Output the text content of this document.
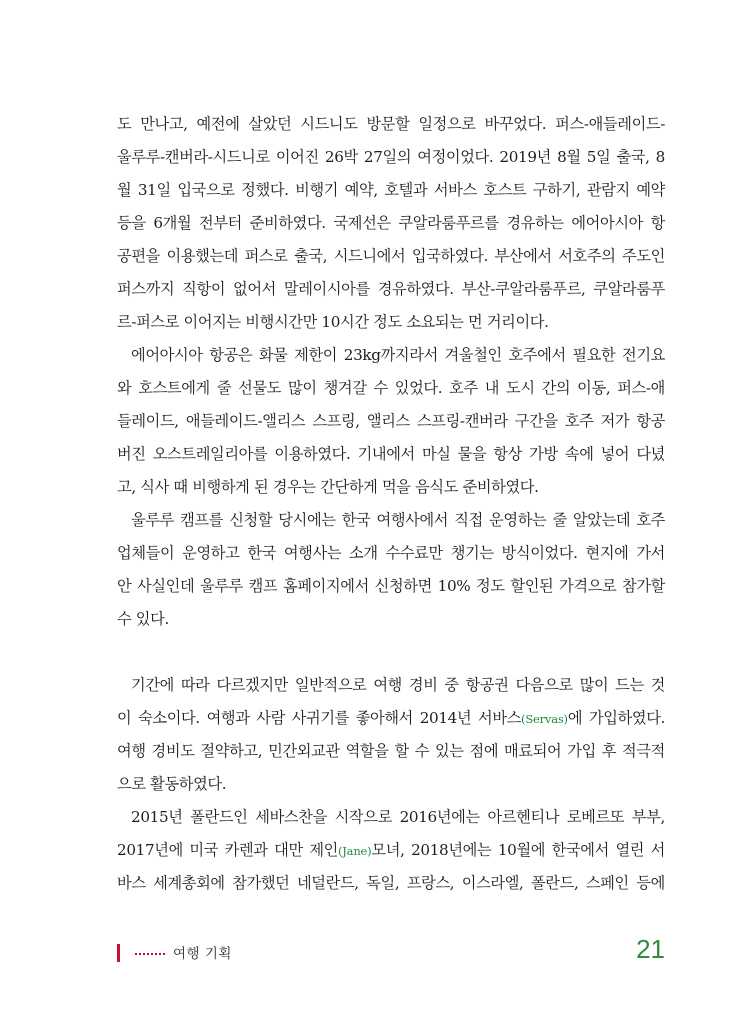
도 만나고, 예전에 살았던 시드니도 방문할 일정으로 바꾸었다. 퍼스-애들레이드-
울루루-캔버라-시드니로 이어진 26박 27일의 여정이었다. 2019년 8월 5일 출국, 8
월 31일 입국으로 정했다. 비행기 예약, 호텔과 서바스 호스트 구하기, 관람지 예약
등을 6개월 전부터 준비하였다. 국제선은 쿠알라룸푸르를 경유하는 에어아시아 항
공편을 이용했는데 퍼스로 출국, 시드니에서 입국하였다. 부산에서 서호주의 주도인
퍼스까지 직항이 없어서 말레이시아를 경유하였다. 부산-쿠알라룸푸르, 쿠알라룸푸
르-퍼스로 이어지는 비행시간만 10시간 정도 소요되는 먼 거리이다.
에어아시아 항공은 화물 제한이 23kg까지라서 겨울철인 호주에서 필요한 전기요
와 호스트에게 줄 선물도 많이 챙겨갈 수 있었다. 호주 내 도시 간의 이동, 퍼스-애
들레이드, 애들레이드-앨리스 스프링, 앨리스 스프링-캔버라 구간을 호주 저가 항공
버진 오스트레일리아를 이용하였다. 기내에서 마실 물을 항상 가방 속에 넣어 다녔
고, 식사 때 비행하게 된 경우는 간단하게 먹을 음식도 준비하였다.
울루루 캠프를 신청할 당시에는 한국 여행사에서 직접 운영하는 줄 알았는데 호주
업체들이 운영하고 한국 여행사는 소개 수수료만 챙기는 방식이었다. 현지에 가서
안 사실인데 울루루 캠프 홈페이지에서 신청하면 10% 정도 할인된 가격으로 참가할
수 있다.
기간에 따라 다르겠지만 일반적으로 여행 경비 중 항공권 다음으로 많이 드는 것
이 숙소이다. 여행과 사람 사귀기를 좋아해서 2014년 서바스(Servas)에 가입하였다.
여행 경비도 절약하고, 민간외교관 역할을 할 수 있는 점에 매료되어 가입 후 적극적
으로 활동하였다.
2015년 폴란드인 세바스찬을 시작으로 2016년에는 아르헨티나 로베르또 부부,
2017년에 미국 카렌과 대만 제인(Jane)모녀, 2018년에는 10월에 한국에서 열린 서
바스 세계총회에 참가했던 네덜란드, 독일, 프랑스, 이스라엘, 폴란드, 스페인 등에
여행 기획	21
